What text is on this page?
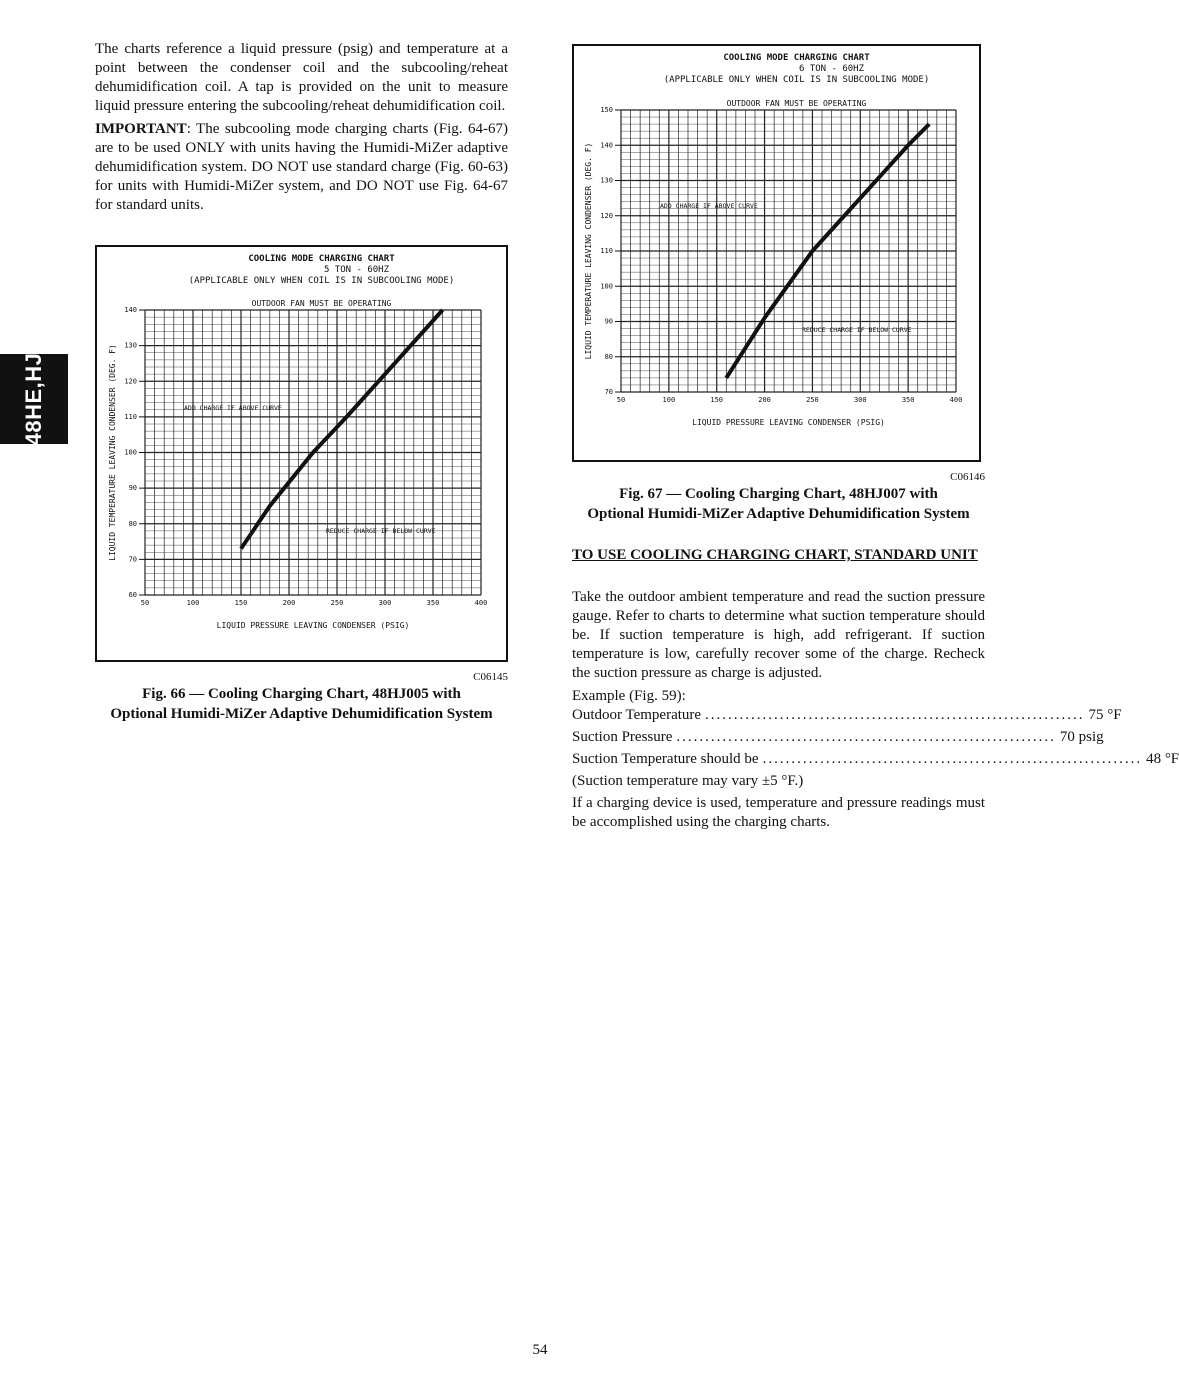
48HE,HJ

The charts reference a liquid pressure (psig) and temperature at a point between the condenser coil and the subcooling/reheat dehumidification coil. A tap is provided on the unit to measure liquid pressure entering the subcooling/reheat dehumidification coil.

IMPORTANT: The subcooling mode charging charts (Fig. 64-67) are to be used ONLY with units having the Humidi-MiZer adaptive dehumidification system. DO NOT use standard charge (Fig. 60-63) for units with Humidi-MiZer system, and DO NOT use Fig. 64-67 for standard units.

COOLING MODE CHARGING CHART
5 TON - 60HZ
(APPLICABLE ONLY WHEN COIL IS IN SUBCOOLING MODE)
OUTDOOR FAN MUST BE OPERATING
50	100	150	200	250	300	350	400
60
70
80
90
100
110
120
130
140
LIQUID PRESSURE LEAVING CONDENSER (PSIG)
LIQUID TEMPERATURE LEAVING CONDENSER (DEG. F)	ADD CHARGE IF ABOVE CURVE
REDUCE CHARGE IF BELOW CURVE
C06145
Fig. 66 — Cooling Charging Chart, 48HJ005 with
Optional Humidi-MiZer Adaptive Dehumidification System
COOLING MODE CHARGING CHART
6 TON - 60HZ
(APPLICABLE ONLY WHEN COIL IS IN SUBCOOLING MODE)
OUTDOOR FAN MUST BE OPERATING
50	100	150	200	250	300	350	400
70
80
90
100
110
120
130
140
150
LIQUID PRESSURE LEAVING CONDENSER (PSIG)
LIQUID TEMPERATURE LEAVING CONDENSER (DEG. F)	ADD CHARGE IF ABOVE CURVE
REDUCE CHARGE IF BELOW CURVE
C06146
Fig. 67 — Cooling Charging Chart, 48HJ007 with
Optional Humidi-MiZer Adaptive Dehumidification System
TO USE COOLING CHARGING CHART, STANDARD UNIT

Take the outdoor ambient temperature and read the suction pressure gauge. Refer to charts to determine what suction temperature should be. If suction temperature is high, add refrigerant. If suction temperature is low, carefully recover some of the charge. Recheck the suction pressure as charge is adjusted.

Example (Fig. 59):

Outdoor Temperature .................................................................. 75 °F
Suction Pressure .................................................................. 70 psig
Suction Temperature should be .................................................................. 48 °F
(Suction temperature may vary ±5 °F.)

If a charging device is used, temperature and pressure readings must be accomplished using the charging charts.

54
